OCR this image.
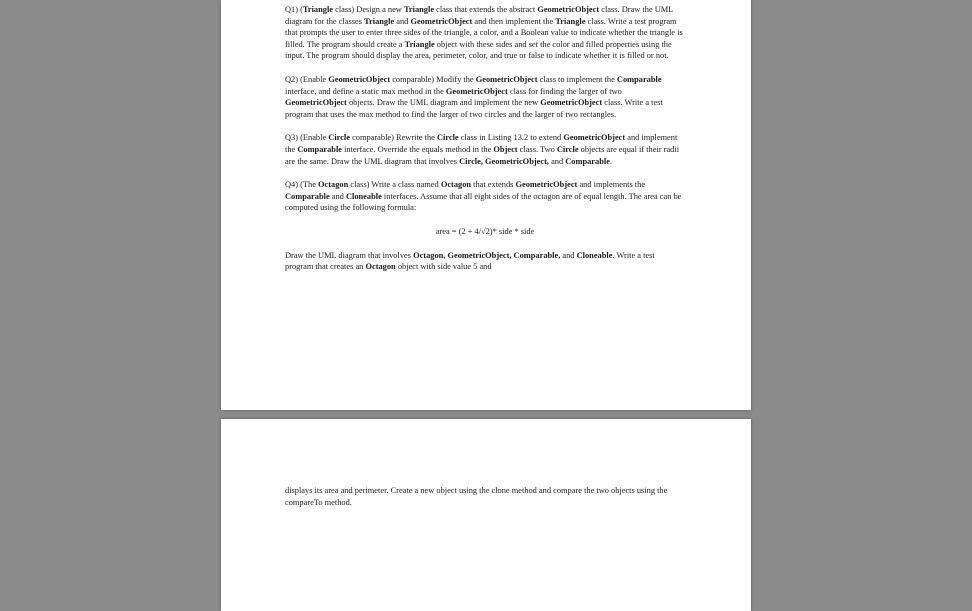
Q1) (Triangle class) Design a new Triangle class that extends the abstract GeometricObject class. Draw the UML diagram for the classes Triangle and GeometricObject and then implement the Triangle class. Write a test program that prompts the user to enter three sides of the triangle, a color, and a Boolean value to indicate whether the triangle is filled. The program should create a Triangle object with these sides and set the color and filled properties using the input. The program should display the area, perimeter, color, and true or false to indicate whether it is filled or not.

Q2) (Enable GeometricObject comparable) Modify the GeometricObject class to implement the Comparable interface, and define a static max method in the GeometricObject class for finding the larger of two GeometricObject objects. Draw the UML diagram and implement the new GeometricObject class. Write a test program that uses the max method to find the larger of two circles and the larger of two rectangles.

Q3) (Enable Circle comparable) Rewrite the Circle class in Listing 13.2 to extend GeometricObject and implement the Comparable interface. Override the equals method in the Object class. Two Circle objects are equal if their radii are the same. Draw the UML diagram that involves Circle, GeometricObject, and Comparable.

Q4) (The Octagon class) Write a class named Octagon that extends GeometricObject and implements the Comparable and Cloneable interfaces. Assume that all eight sides of the octagon are of equal length. The area can be computed using the following formula:

area = (2 + 4/√2)* side * side

Draw the UML diagram that involves Octagon, GeometricObject, Comparable, and Cloneable. Write a test program that creates an Octagon object with side value 5 and

displays its area and perimeter. Create a new object using the clone method and compare the two objects using the compareTo method.
